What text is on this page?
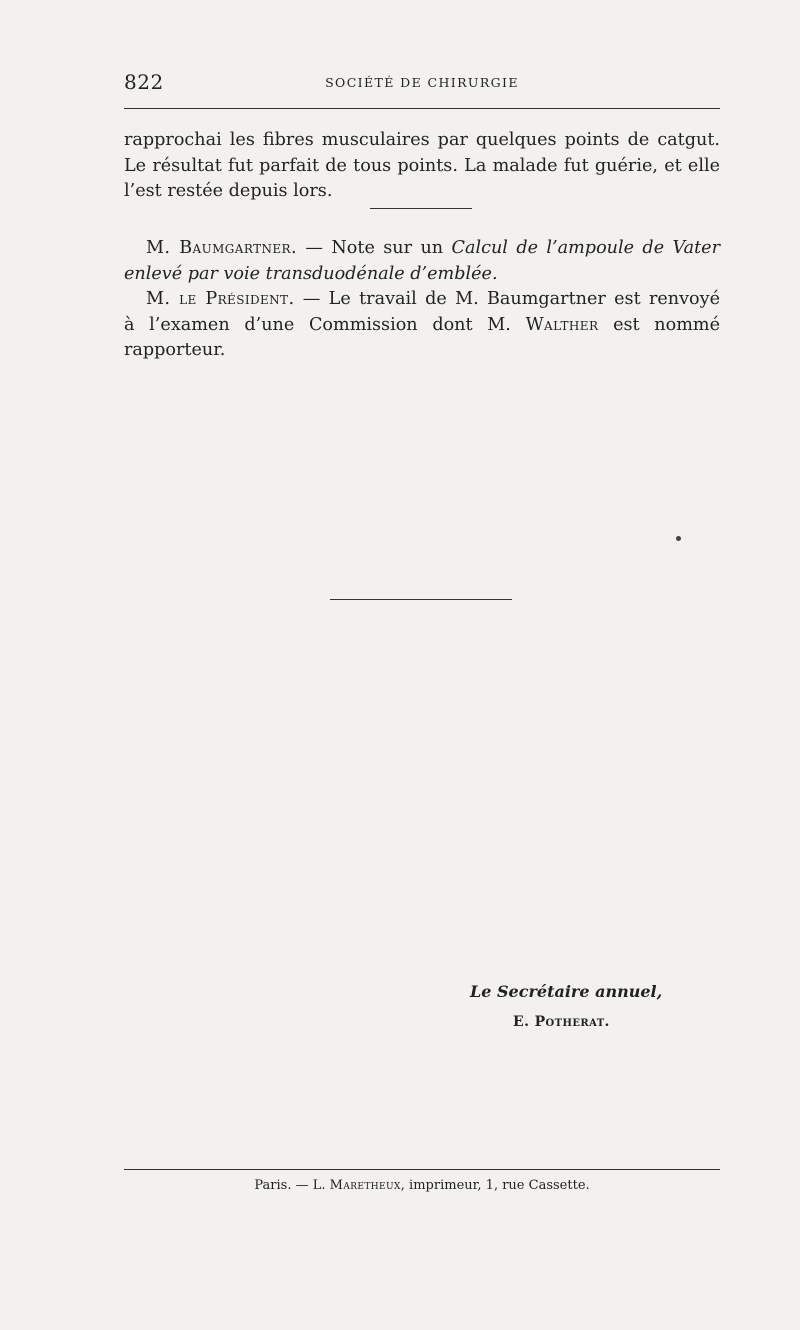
822	SOCIÉTÉ DE CHIRURGIE
rapprochai les fibres musculaires par quelques points de catgut.
Le résultat fut parfait de tous points. La malade fut guérie, et elle
l’est restée depuis lors.
M. Baumgartner. — Note sur un Calcul de l’ampoule de Vater
enlevé par voie transduodénale d’emblée.
M. le Président. — Le travail de M. Baumgartner est renvoyé
à l’examen d’une Commission dont M. Walther est nommé
rapporteur.
Le Secrétaire annuel,
E. Potherat.
Paris. — L. Maretheux, imprimeur, 1, rue Cassette.
